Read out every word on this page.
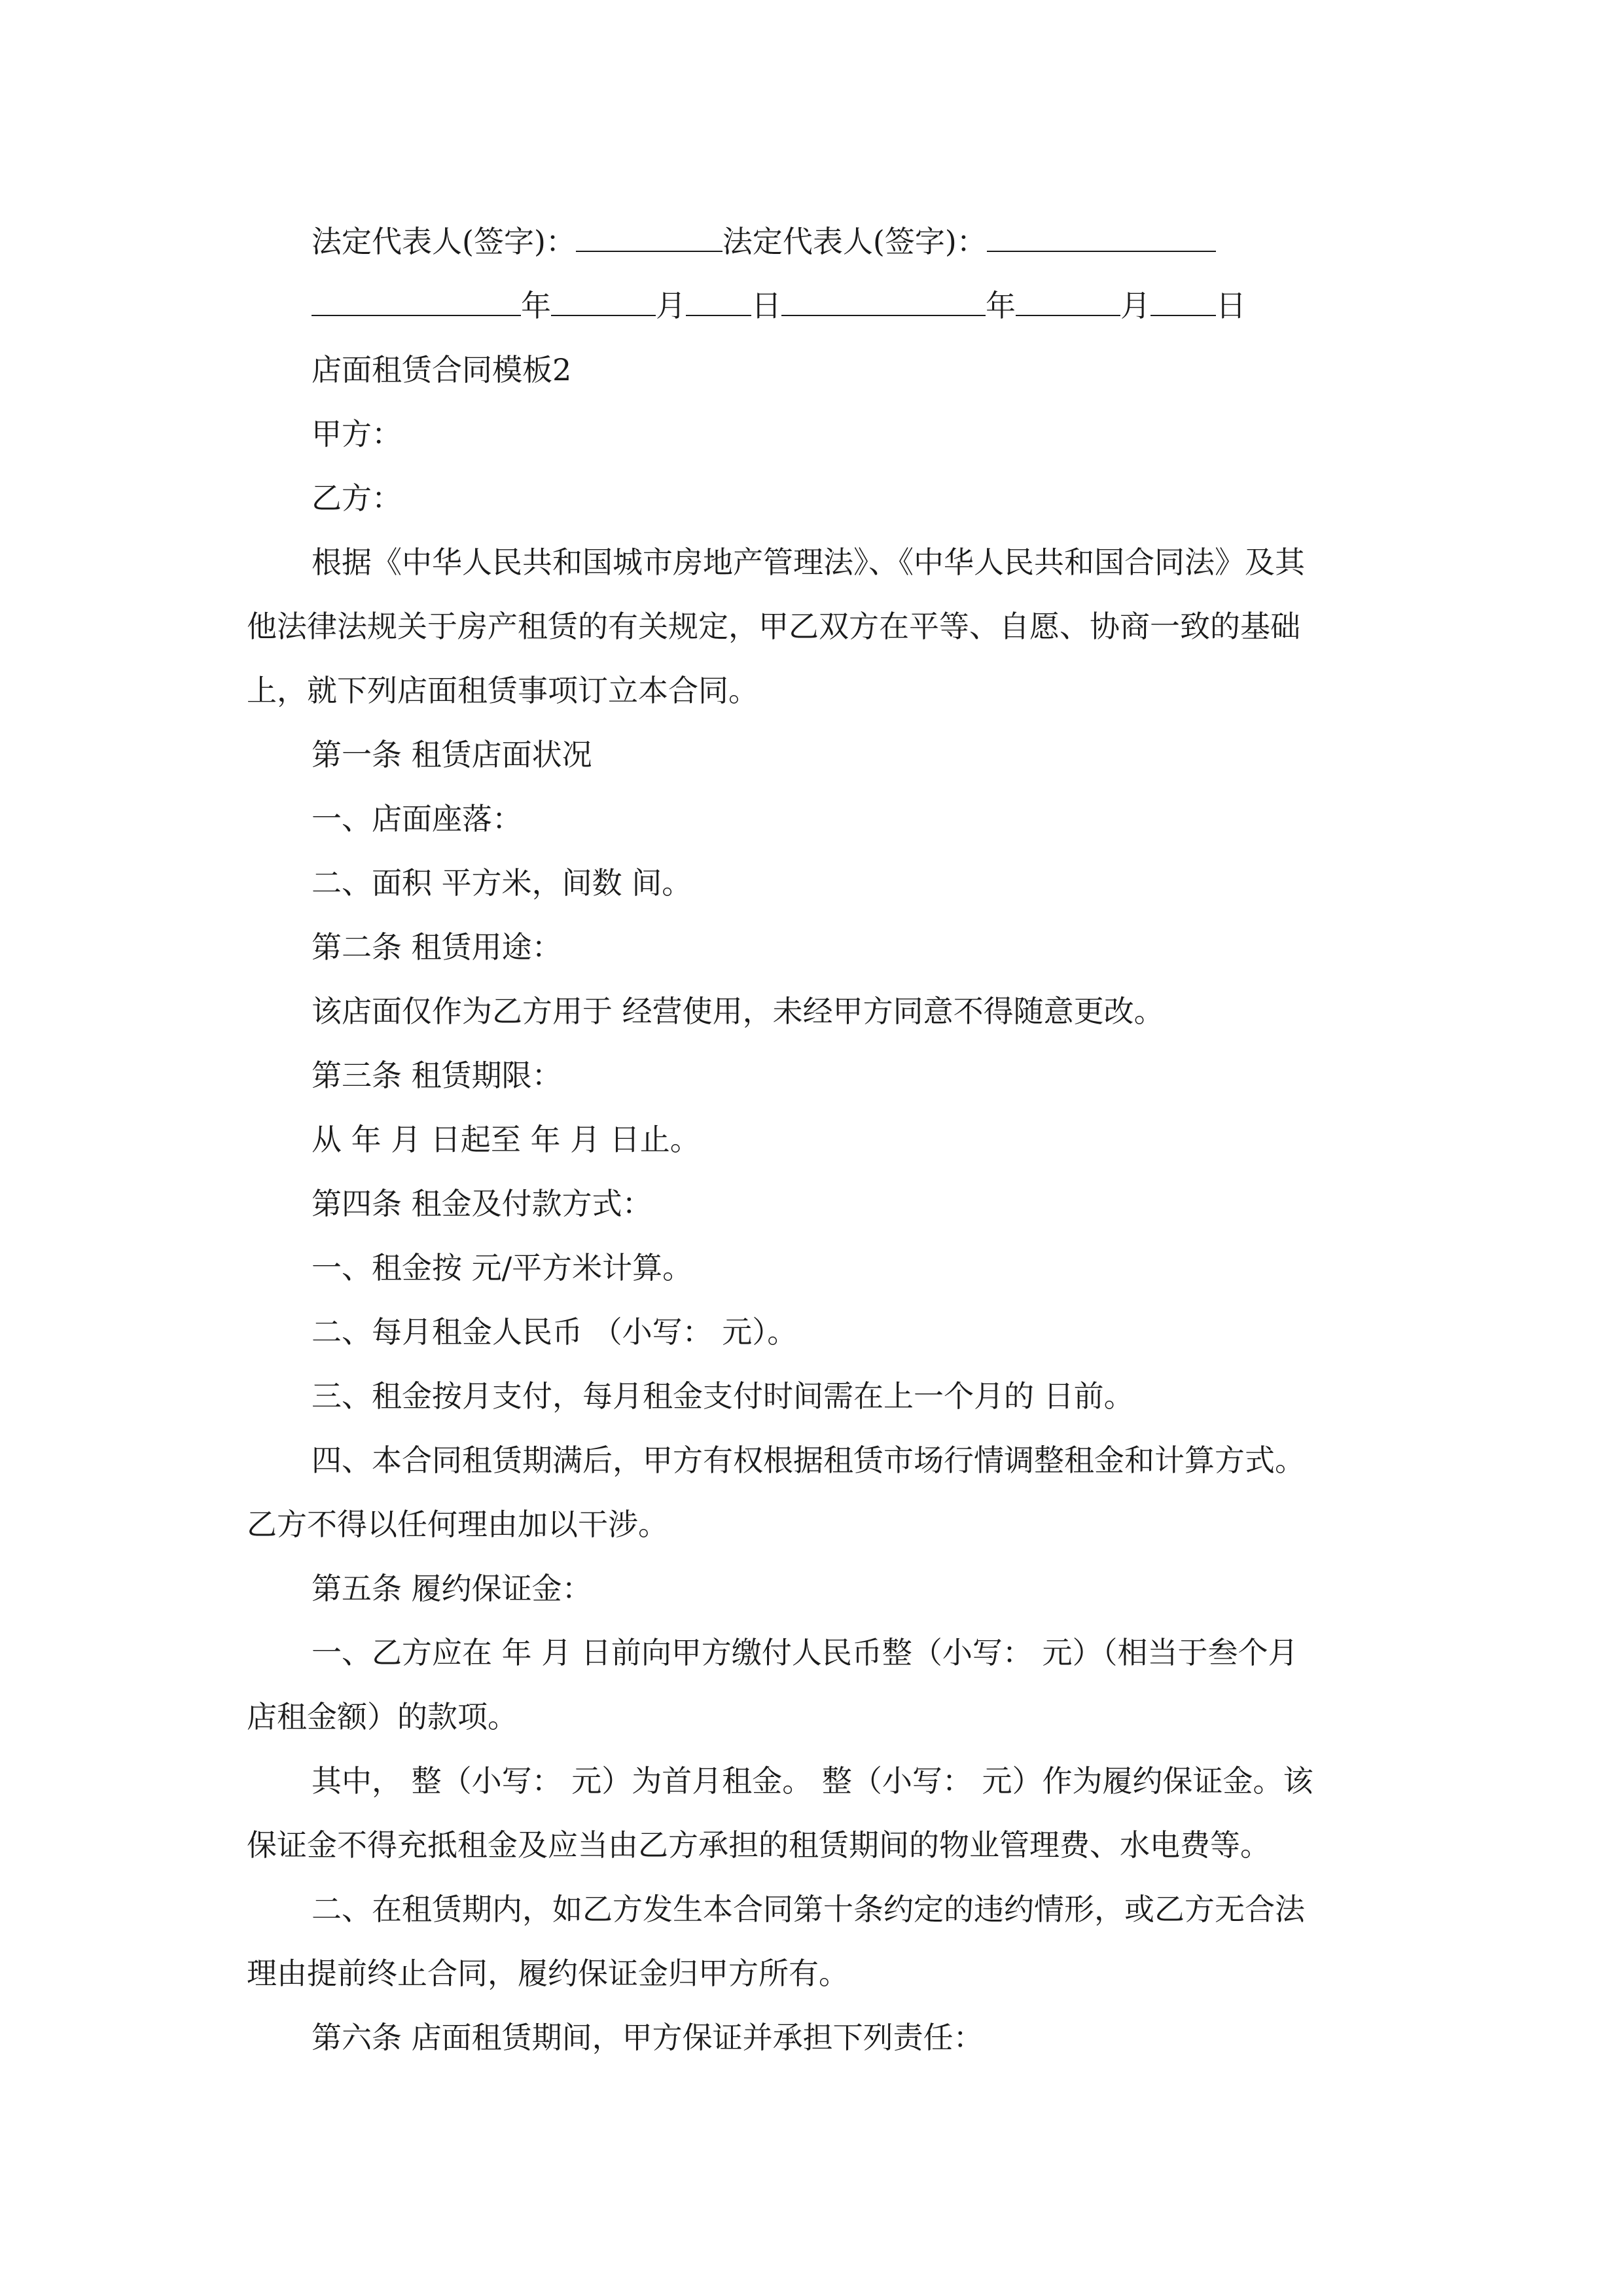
法定代表人(签字)：	法定代表人(签字)：
年	月 日	年	月 日
店面租赁合同模板2
甲方：
乙方：
根据《中华人民共和国城市房地产管理法》、《中华人民共和国合同法》及其
他法律法规关于房产租赁的有关规定，甲乙双方在平等、自愿、协商一致的基础
上，就下列店面租赁事项订立本合同。
第一条 租赁店面状况
一、店面座落：
二、面积 平方米，间数 间。
第二条 租赁用途：
该店面仅作为乙方用于 经营使用，未经甲方同意不得随意更改。
第三条 租赁期限：
从 年 月 日起至 年 月 日止。
第四条 租金及付款方式：
一、租金按 元/平方米计算。
二、每月租金人民币 （小写： 元）。
三、租金按月支付，每月租金支付时间需在上一个月的 日前。
四、本合同租赁期满后，甲方有权根据租赁市场行情调整租金和计算方式。
乙方不得以任何理由加以干涉。
第五条 履约保证金：
一、乙方应在 年 月 日前向甲方缴付人民币整（小写： 元）（相当于叁个月
店租金额）的款项。
其中， 整（小写： 元）为首月租金。 整（小写： 元）作为履约保证金。该
保证金不得充抵租金及应当由乙方承担的租赁期间的物业管理费、水电费等。
二、在租赁期内，如乙方发生本合同第十条约定的违约情形，或乙方无合法
理由提前终止合同，履约保证金归甲方所有。
第六条 店面租赁期间，甲方保证并承担下列责任：
